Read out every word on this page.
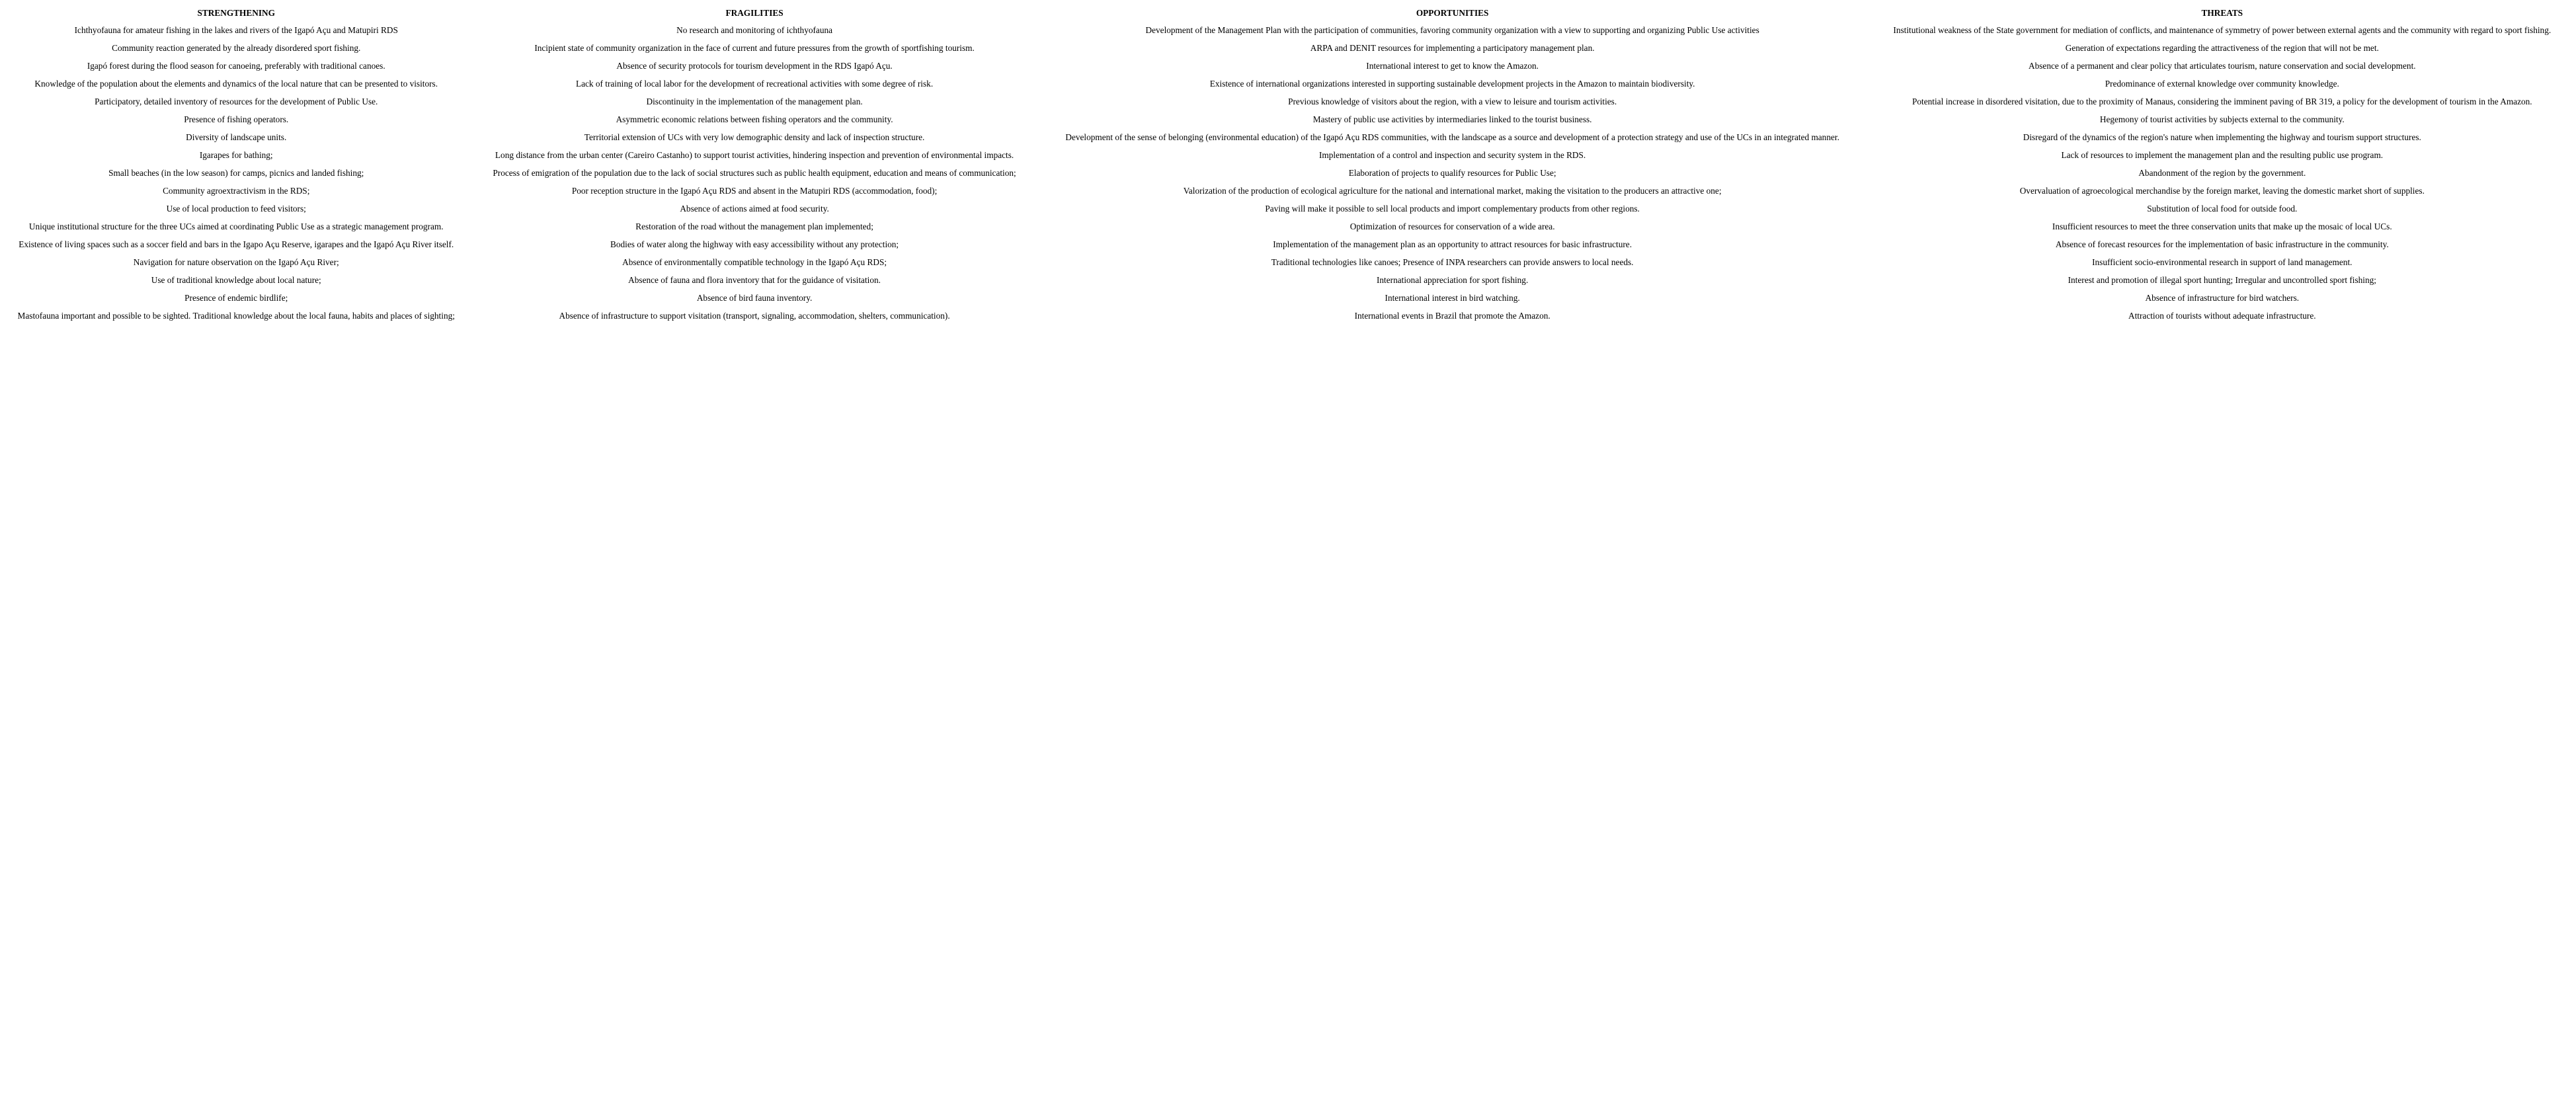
STRENGTHENING	FRAGILITIES	OPPORTUNITIES	THREATS
Ichthyofauna for amateur fishing in the lakes and rivers of the Igapó Açu and Matupiri RDS	No research and monitoring of ichthyofauna	Development of the Management Plan with the participation of communities, favoring community organization with a view to supporting and organizing Public Use activities	Institutional weakness of the State government for mediation of conflicts, and maintenance of symmetry of power between external agents and the community with regard to sport fishing.
Community reaction generated by the already disordered sport fishing.	Incipient state of community organization in the face of current and future pressures from the growth of sportfishing tourism.	ARPA and DENIT resources for implementing a participatory management plan.	Generation of expectations regarding the attractiveness of the region that will not be met.
Igapó forest during the flood season for canoeing, preferably with traditional canoes.	Absence of security protocols for tourism development in the RDS Igapó Açu.	International interest to get to know the Amazon.	Absence of a permanent and clear policy that articulates tourism, nature conservation and social development.
Knowledge of the population about the elements and dynamics of the local nature that can be presented to visitors.	Lack of training of local labor for the development of recreational activities with some degree of risk.	Existence of international organizations interested in supporting sustainable development projects in the Amazon to maintain biodiversity.	Predominance of external knowledge over community knowledge.
Participatory, detailed inventory of resources for the development of Public Use.	Discontinuity in the implementation of the management plan.	Previous knowledge of visitors about the region, with a view to leisure and tourism activities.	Potential increase in disordered visitation, due to the proximity of Manaus, considering the imminent paving of BR 319, a policy for the development of tourism in the Amazon.
Presence of fishing operators.	Asymmetric economic relations between fishing operators and the community.	Mastery of public use activities by intermediaries linked to the tourist business.	Hegemony of tourist activities by subjects external to the community.
Diversity of landscape units.	Territorial extension of UCs with very low demographic density and lack of inspection structure.	Development of the sense of belonging (environmental education) of the Igapó Açu RDS communities, with the landscape as a source and development of a protection strategy and use of the UCs in an integrated manner.	Disregard of the dynamics of the region's nature when implementing the highway and tourism support structures.
Igarapes for bathing;	Long distance from the urban center (Careiro Castanho) to support tourist activities, hindering inspection and prevention of environmental impacts.	Implementation of a control and inspection and security system in the RDS.	Lack of resources to implement the management plan and the resulting public use program.
Small beaches (in the low season) for camps, picnics and landed fishing;	Process of emigration of the population due to the lack of social structures such as public health equipment, education and means of communication;	Elaboration of projects to qualify resources for Public Use;	Abandonment of the region by the government.
Community agroextractivism in the RDS;	Poor reception structure in the Igapó Açu RDS and absent in the Matupiri RDS (accommodation, food);	Valorization of the production of ecological agriculture for the national and international market, making the visitation to the producers an attractive one;	Overvaluation of agroecological merchandise by the foreign market, leaving the domestic market short of supplies.
Use of local production to feed visitors;	Absence of actions aimed at food security.	Paving will make it possible to sell local products and import complementary products from other regions.	Substitution of local food for outside food.
Unique institutional structure for the three UCs aimed at coordinating Public Use as a strategic management program.	Restoration of the road without the management plan implemented;	Optimization of resources for conservation of a wide area.	Insufficient resources to meet the three conservation units that make up the mosaic of local UCs.
Existence of living spaces such as a soccer field and bars in the Igapo Açu Reserve, igarapes and the Igapó Açu River itself.	Bodies of water along the highway with easy accessibility without any protection;	Implementation of the management plan as an opportunity to attract resources for basic infrastructure.	Absence of forecast resources for the implementation of basic infrastructure in the community.
Navigation for nature observation on the Igapó Açu River;	Absence of environmentally compatible technology in the Igapó Açu RDS;	Traditional technologies like canoes; Presence of INPA researchers can provide answers to local needs.	Insufficient socio-environmental research in support of land management.
Use of traditional knowledge about local nature;	Absence of fauna and flora inventory that for the guidance of visitation.	International appreciation for sport fishing.	Interest and promotion of illegal sport hunting; Irregular and uncontrolled sport fishing;
Presence of endemic birdlife;	Absence of bird fauna inventory.	International interest in bird watching.	Absence of infrastructure for bird watchers.
Mastofauna important and possible to be sighted. Traditional knowledge about the local fauna, habits and places of sighting;	Absence of infrastructure to support visitation (transport, signaling, accommodation, shelters, communication).	International events in Brazil that promote the Amazon.	Attraction of tourists without adequate infrastructure.
